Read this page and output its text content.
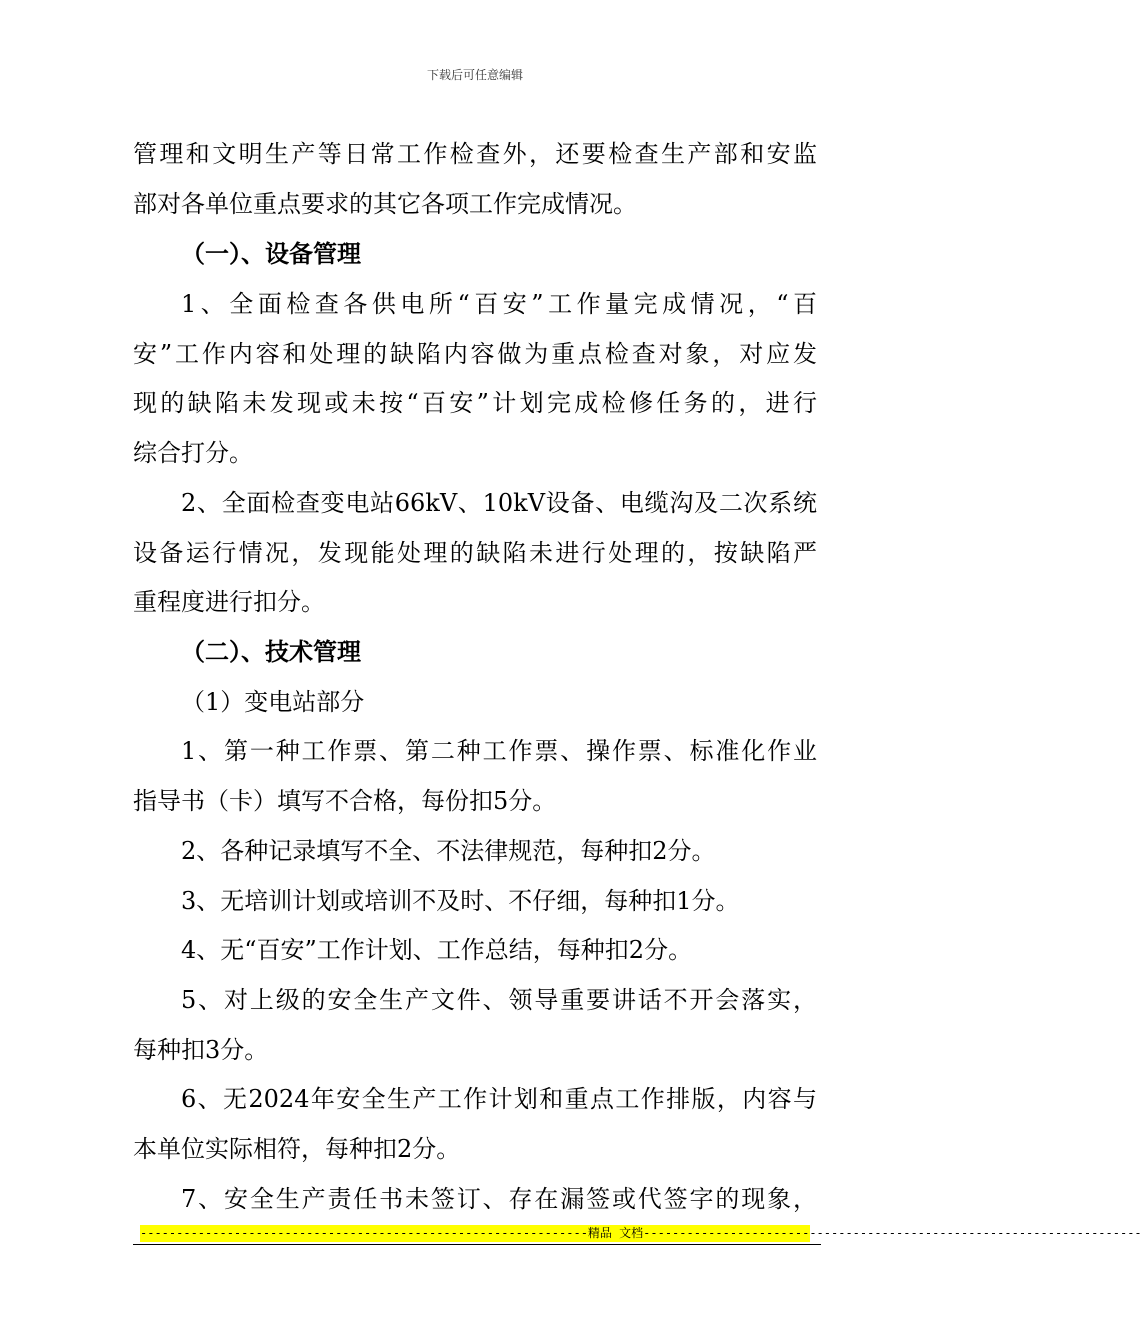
下载后可任意编辑
管理和文明生产等日常工作检查外，还要检查生产部和安监
部对各单位重点要求的其它各项工作完成情况。
（一）、设备管理
1、全面检查各供电所“百安”工作量完成情况，“百
安”工作内容和处理的缺陷内容做为重点检查对象，对应发
现的缺陷未发现或未按“百安”计划完成检修任务的，进行
综合打分。
2、全面检查变电站66kV、10kV设备、电缆沟及二次系统
设备运行情况，发现能处理的缺陷未进行处理的，按缺陷严
重程度进行扣分。
（二）、技术管理
（1）变电站部分
1、第一种工作票、第二种工作票、操作票、标准化作业
指导书（卡）填写不合格，每份扣5分。
2、各种记录填写不全、不法律规范，每种扣2分。
3、无培训计划或培训不及时、不仔细，每种扣1分。
4、无“百安”工作计划、工作总结，每种扣2分。
5、对上级的安全生产文件、领导重要讲话不开会落实，
每种扣3分。
6、无2024年安全生产工作计划和重点工作排版，内容与
本单位实际相符，每种扣2分。
7、安全生产责任书未签订、存在漏签或代签字的现象，
--------------------------------------------------------------精品 文档---------------------------------------------------------------------
